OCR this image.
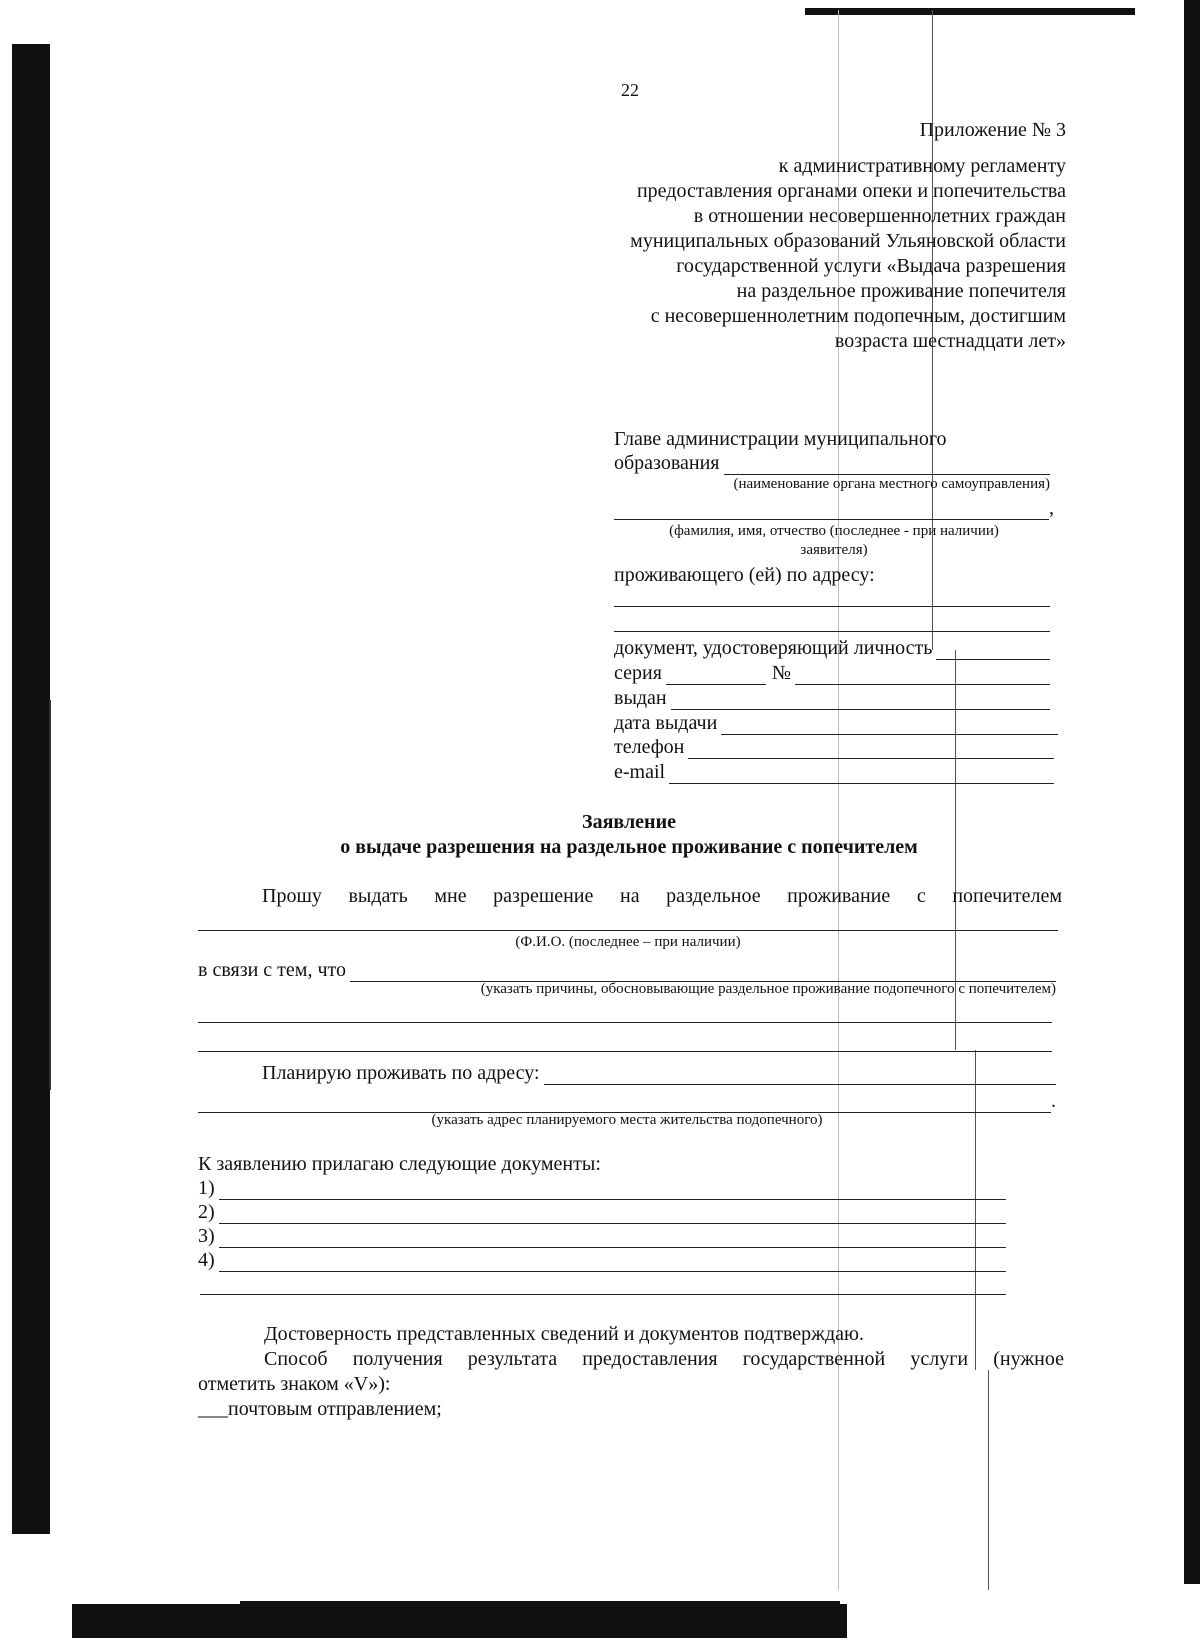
22
Приложение № 3
к административному регламенту
предоставления органами опеки и попечительства
в отношении несовершеннолетних граждан
муниципальных образований Ульяновской области
государственной услуги «Выдача разрешения
на раздельное проживание попечителя
с несовершеннолетним подопечным, достигшим
возраста шестнадцати лет»
Главе администрации муниципального
образования
(наименование органа местного самоуправления)
,
(фамилия, имя, отчество (последнее - при наличии)
заявителя)
проживающего (ей) по адресу:
документ, удостоверяющий личность
серия	№
выдан
дата выдачи
телефон
e-mail
Заявление
о выдаче разрешения на раздельное проживание с попечителем
Прошу выдать мне разрешение на раздельное проживание с попечителем
(Ф.И.О. (последнее – при наличии)
в связи с тем, что
(указать причины, обосновывающие раздельное проживание подопечного с попечителем)
Планирую проживать по адресу:
.
(указать адрес планируемого места жительства подопечного)
К заявлению прилагаю следующие документы:
1)
2)
3)
4)
Достоверность представленных сведений и документов подтверждаю.
Способ получения результата предоставления государственной услуги (нужное
отметить знаком «V»):
___почтовым отправлением;
